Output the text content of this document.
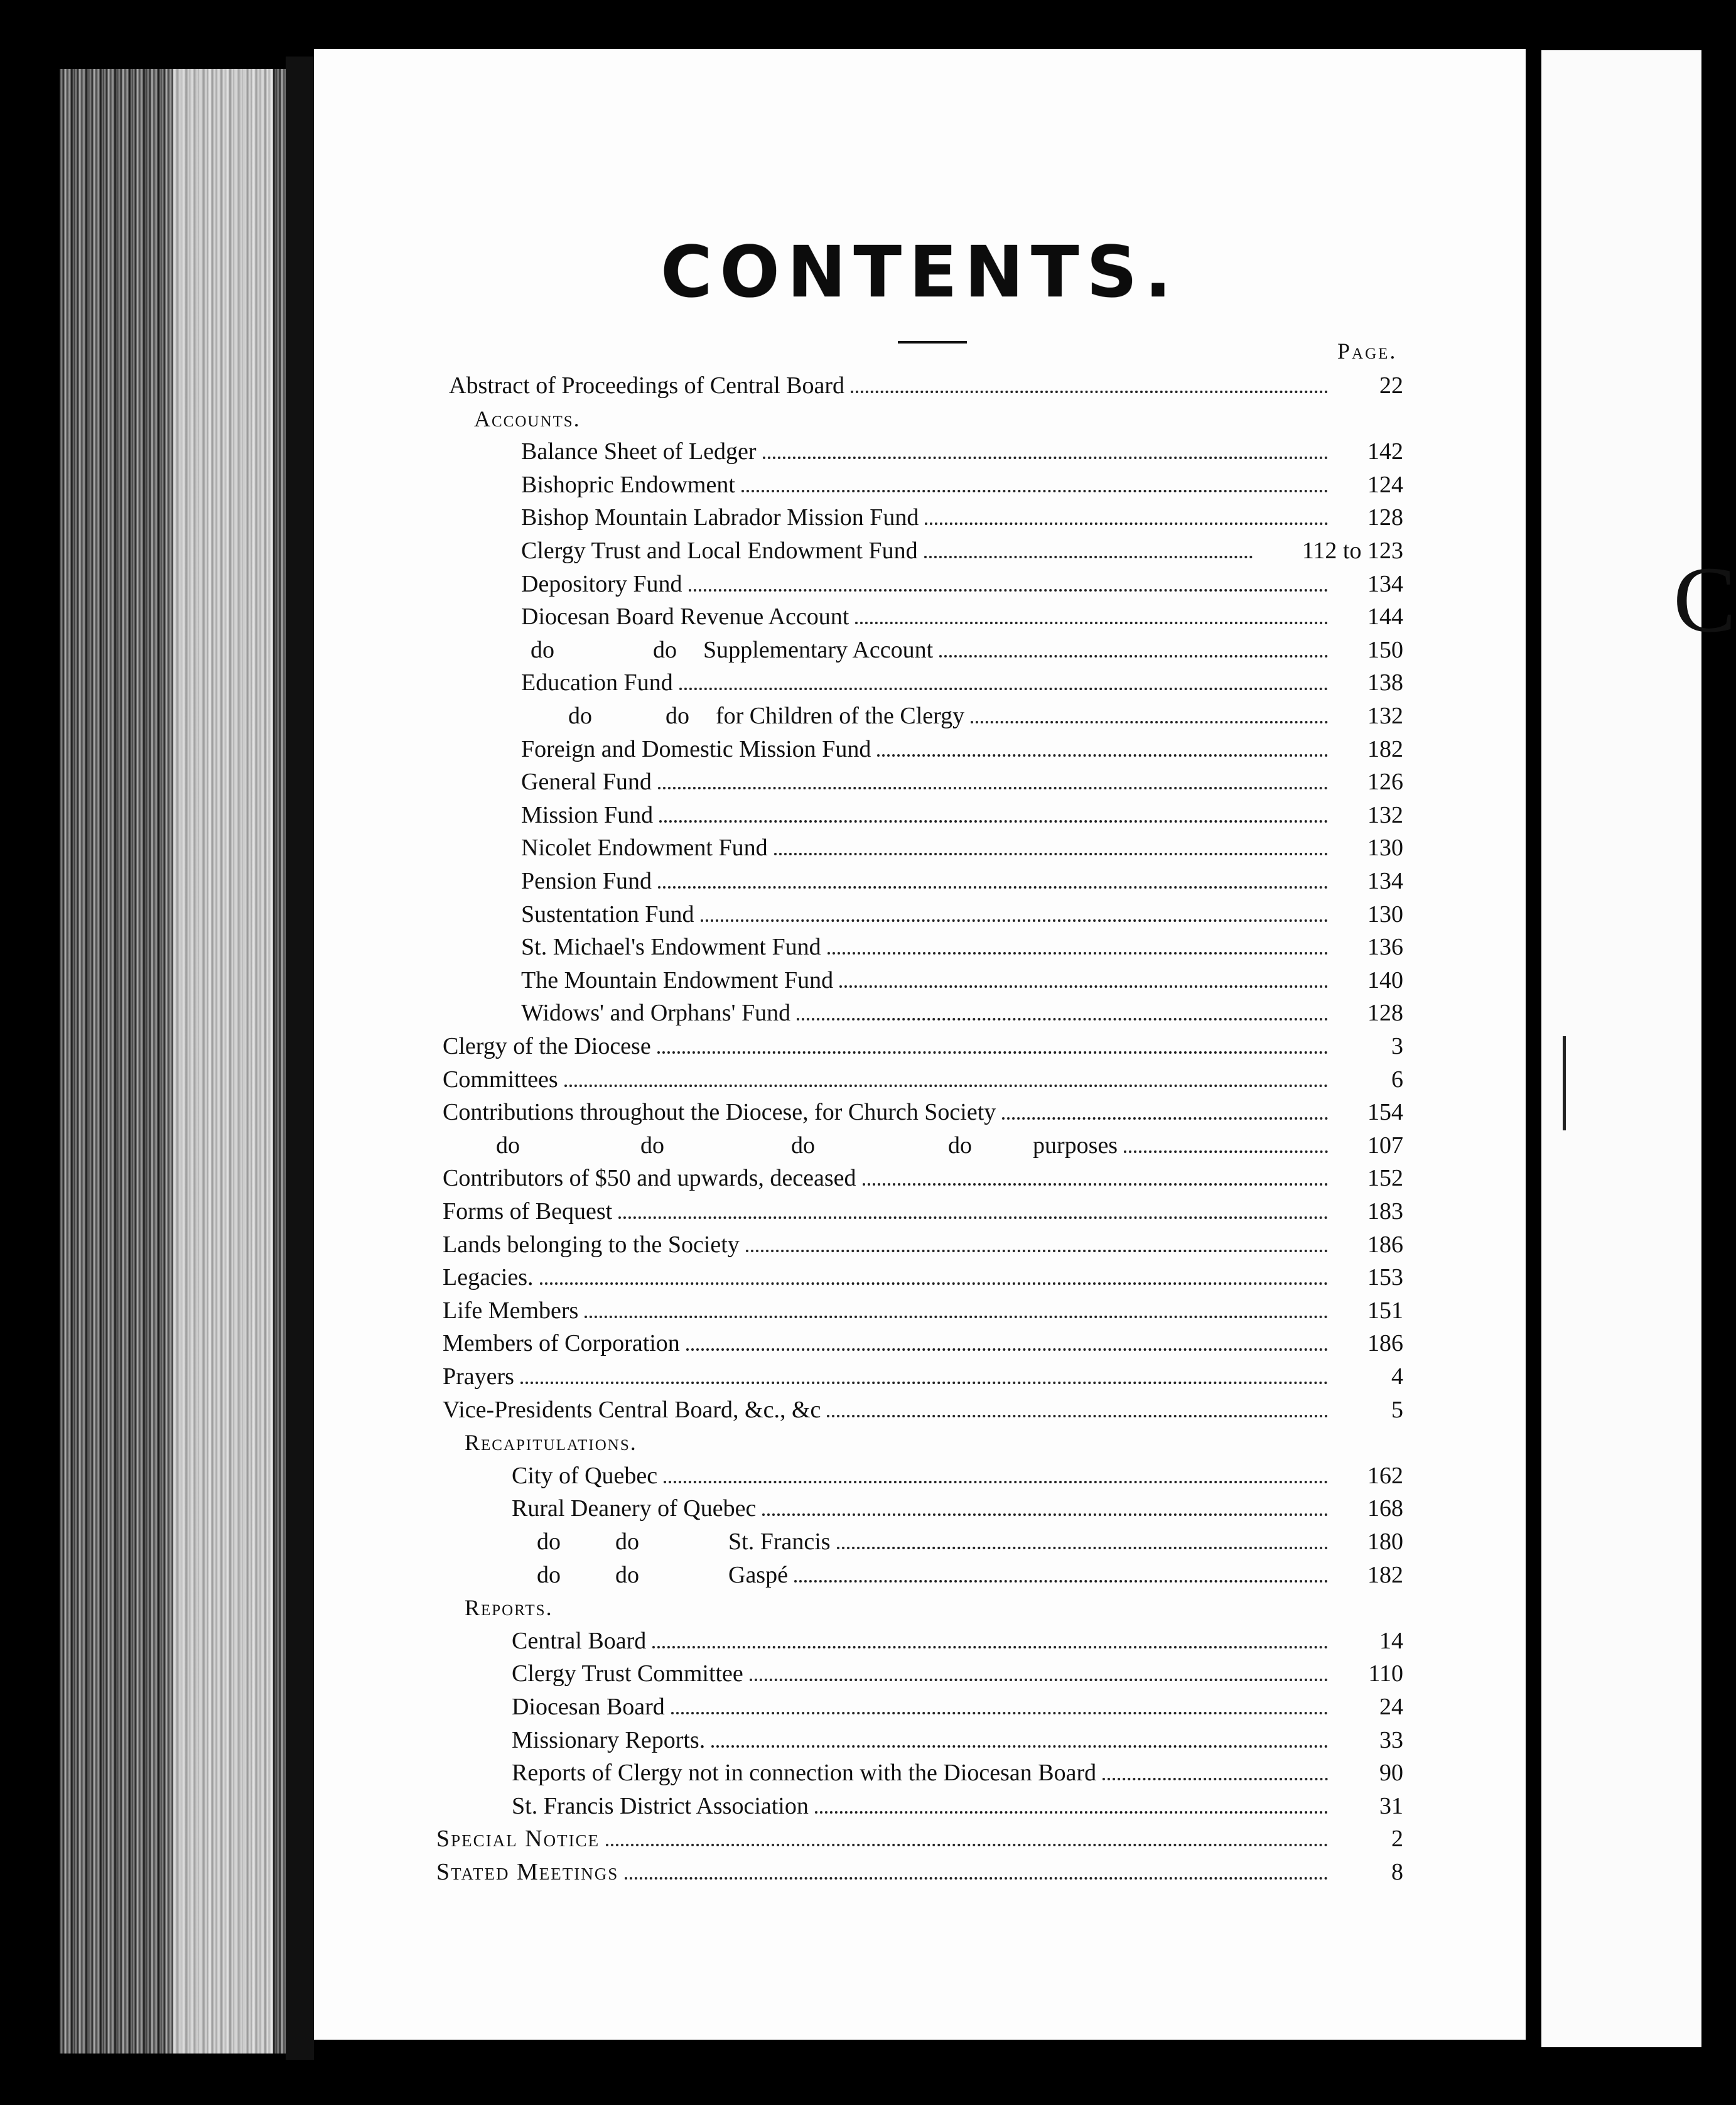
C
CONTENTS.
Page.
Abstract of Proceedings of Central Board	22
Accounts.
Balance Sheet of Ledger	142
Bishopric Endowment	124
Bishop Mountain Labrador Mission Fund	128
Clergy Trust and Local Endowment Fund	112 to 123
Depository Fund	134
Diocesan Board Revenue Account	144
do	do Supplementary Account	150
Education Fund	138
do	do for Children of the Clergy	132
Foreign and Domestic Mission Fund	182
General Fund	126
Mission Fund	132
Nicolet Endowment Fund	130
Pension Fund	134
Sustentation Fund	130
St. Michael's Endowment Fund	136
The Mountain Endowment Fund	140
Widows' and Orphans' Fund	128
Clergy of the Diocese	3
Committees	6
Contributions throughout the Diocese, for Church Society	154
do	do	do	do	purposes	107
Contributors of $50 and upwards, deceased	152
Forms of Bequest	183
Lands belonging to the Society	186
Legacies.	153
Life Members	151
Members of Corporation	186
Prayers	4
Vice-Presidents Central Board, &c., &c	5
Recapitulations.
City of Quebec	162
Rural Deanery of Quebec	168
do do	St. Francis	180
do do	Gaspé	182
Reports.
Central Board	14
Clergy Trust Committee	110
Diocesan Board	24
Missionary Reports.	33
Reports of Clergy not in connection with the Diocesan Board	90
St. Francis District Association	31
Special Notice	2
Stated Meetings	8
